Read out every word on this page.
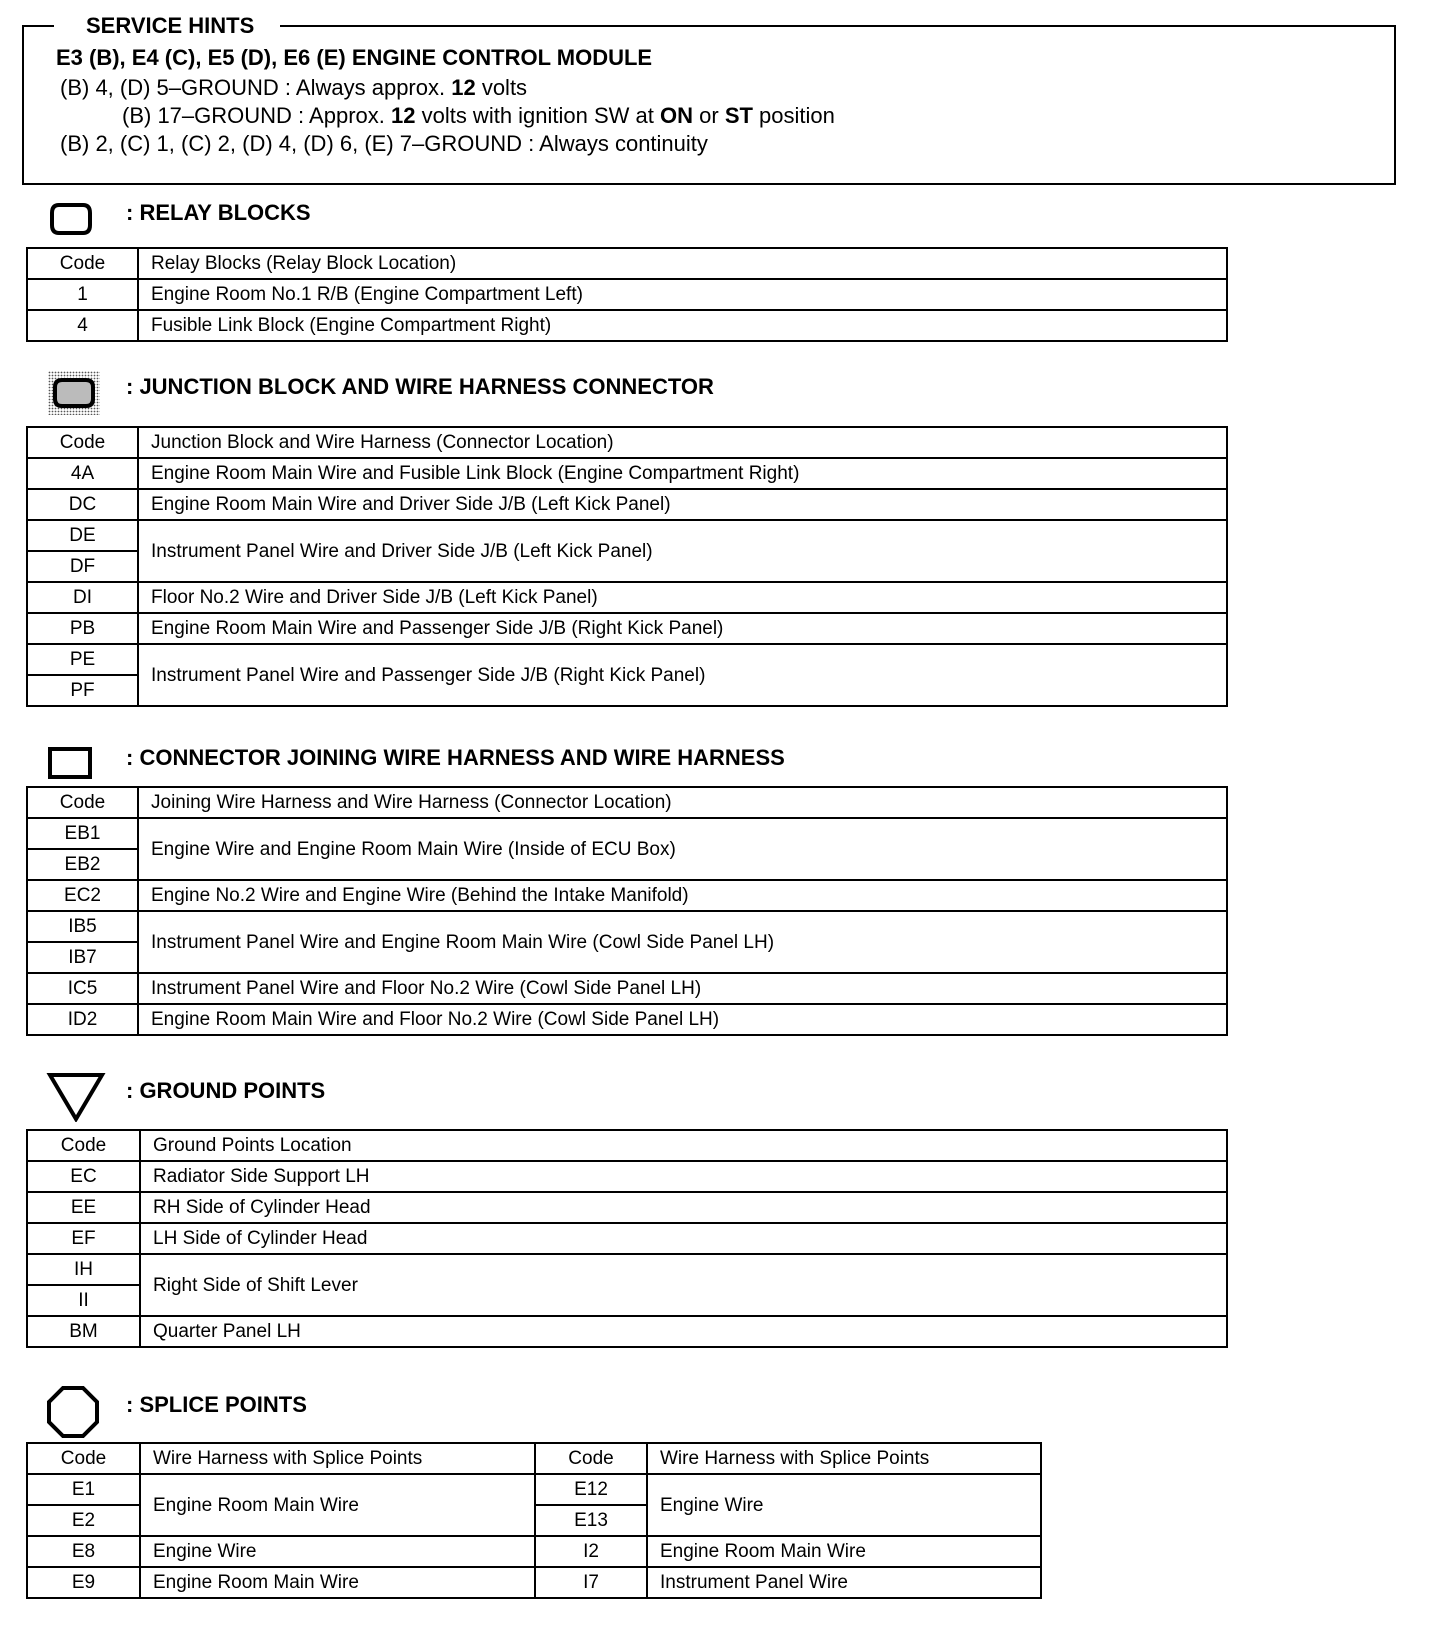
SERVICE HINTS
E3 (B), E4 (C), E5 (D), E6 (E) ENGINE CONTROL MODULE
(B) 4, (D) 5–GROUND : Always approx. 12 volts
(B) 17–GROUND : Approx. 12 volts with ignition SW at ON or ST position
(B) 2, (C) 1, (C) 2, (D) 4, (D) 6, (E) 7–GROUND : Always continuity
: RELAY BLOCKS
Code	Relay Blocks (Relay Block Location)
1	Engine Room No.1 R/B (Engine Compartment Left)
4	Fusible Link Block (Engine Compartment Right)
: JUNCTION BLOCK AND WIRE HARNESS CONNECTOR
Code	Junction Block and Wire Harness (Connector Location)
4A	Engine Room Main Wire and Fusible Link Block (Engine Compartment Right)
DC	Engine Room Main Wire and Driver Side J/B (Left Kick Panel)
DE	Instrument Panel Wire and Driver Side J/B (Left Kick Panel)
DF	
DI	Floor No.2 Wire and Driver Side J/B (Left Kick Panel)
PB	Engine Room Main Wire and Passenger Side J/B (Right Kick Panel)
PE	Instrument Panel Wire and Passenger Side J/B (Right Kick Panel)
PF	
: CONNECTOR JOINING WIRE HARNESS AND WIRE HARNESS
Code	Joining Wire Harness and Wire Harness (Connector Location)
EB1	Engine Wire and Engine Room Main Wire (Inside of ECU Box)
EB2	
EC2	Engine No.2 Wire and Engine Wire (Behind the Intake Manifold)
IB5	Instrument Panel Wire and Engine Room Main Wire (Cowl Side Panel LH)
IB7	
IC5	Instrument Panel Wire and Floor No.2 Wire (Cowl Side Panel LH)
ID2	Engine Room Main Wire and Floor No.2 Wire (Cowl Side Panel LH)
: GROUND POINTS
Code	Ground Points Location
EC	Radiator Side Support LH
EE	RH Side of Cylinder Head
EF	LH Side of Cylinder Head
IH	Right Side of Shift Lever
II	
BM	Quarter Panel LH
: SPLICE POINTS
Code	Wire Harness with Splice Points	Code	Wire Harness with Splice Points
E1	Engine Room Main Wire	E12	Engine Wire
E2		E13	
E8	Engine Wire	I2	Engine Room Main Wire
E9	Engine Room Main Wire	I7	Instrument Panel Wire
